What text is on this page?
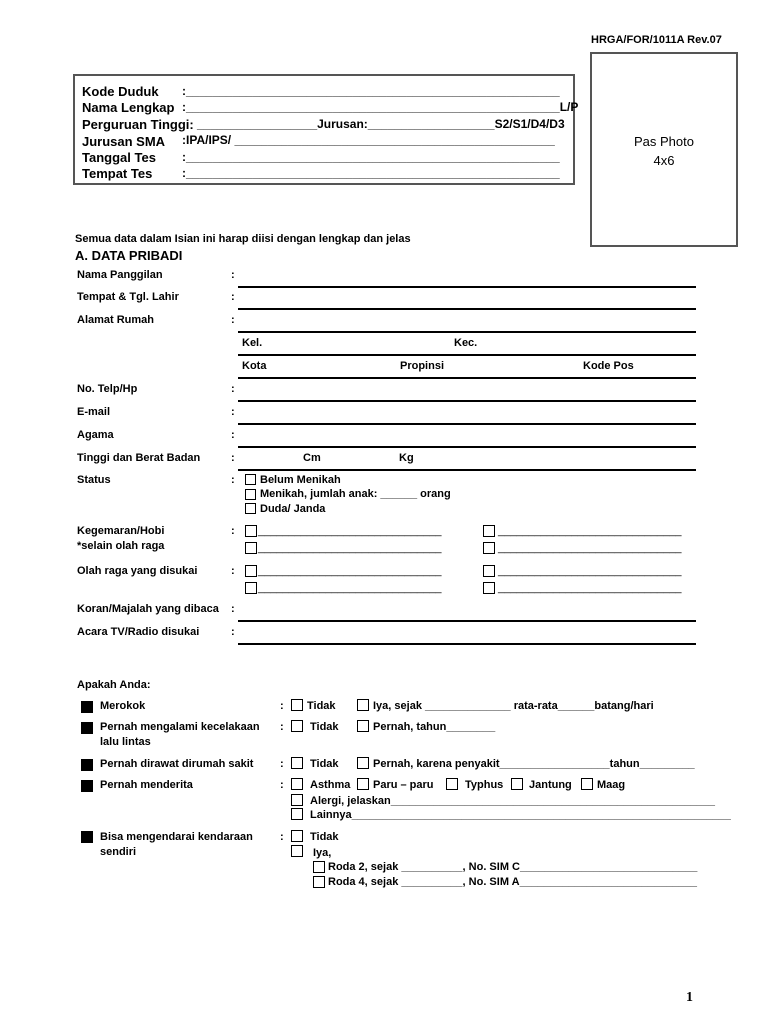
HRGA/FOR/1011A Rev.07
Kode Duduk :________________________________________________________
Nama Lengkap :________________________________________________________L/P
Perguruan Tinggi: __________________Jurusan:___________________S2/S1/D4/D3
Jurusan SMA :IPA/IPS/ ________________________________________________
Tanggal Tes :________________________________________________________
Tempat Tes :________________________________________________________
Pas Photo
4x6
Semua data dalam Isian ini harap diisi dengan lengkap dan jelas
A. DATA PRIBADI
Nama Panggilan	:
Tempat & Tgl. Lahir	:
Alamat Rumah	:
Kel.	Kec.
Kota	Propinsi	Kode Pos
No. Telp/Hp	:
E-mail	:
Agama	:
Tinggi dan Berat Badan	:	Cm	Kg
Status	: Belum Menikah
Menikah, jumlah anak: ______ orang
Duda/ Janda
Kegemaran/Hobi
*selain olah raga
: ______________________________
______________________________
______________________________
______________________________
Olah raga yang disukai	: ______________________________
______________________________
______________________________
______________________________
Koran/Majalah yang dibaca :
Acara TV/Radio disukai	:
Apakah Anda:
Merokok	: Tidak	Iya, sejak ______________ rata-rata______batang/hari
Pernah mengalami kecelakaan
lalu lintas
: Tidak	Pernah, tahun________
Pernah dirawat dirumah sakit : Tidak	Pernah, karena penyakit__________________tahun_________
Pernah menderita	: Asthma Paru – paru	Typhus Jantung Maag
Alergi, jelaskan_____________________________________________________
Lainnya______________________________________________________________
Bisa mengendarai kendaraan
sendiri
: Tidak
Iya,
Roda 2, sejak __________, No. SIM C_____________________________
Roda 4, sejak __________, No. SIM A_____________________________
1
